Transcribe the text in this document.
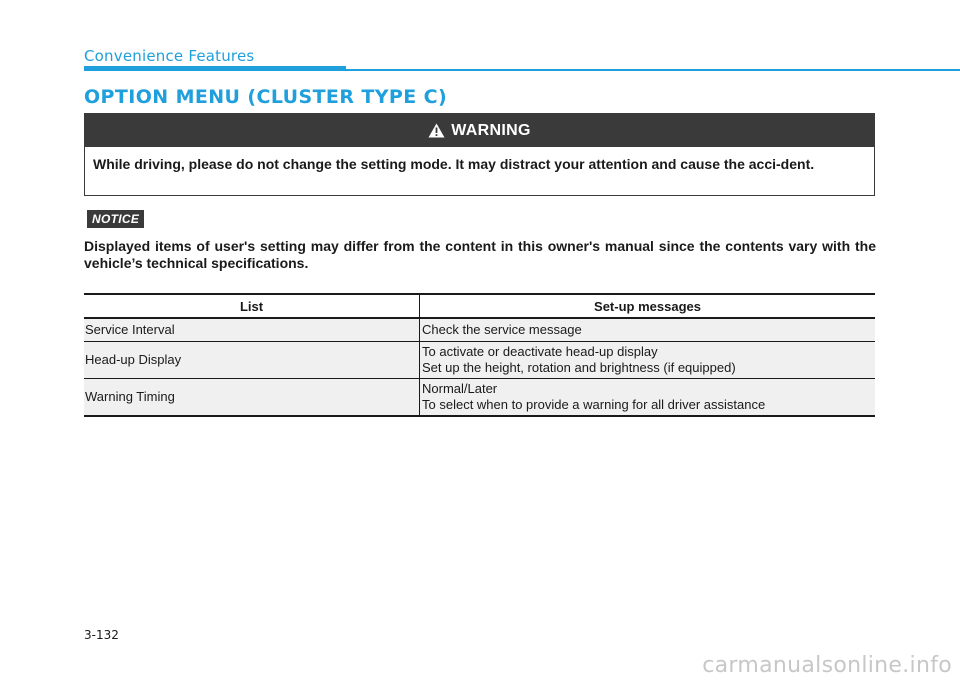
Convenience Features
OPTION MENU (CLUSTER TYPE C)
WARNING
While driving, please do not change the setting mode. It may distract your attention and cause the acci-dent.
NOTICE
Displayed items of user's setting may differ from the content in this owner's manual since the contents vary with the vehicle’s technical specifications.
List	Set-up messages
Service Interval	Check the service message

Head-up Display	To activate or deactivate head-up display
Set up the height, rotation and brightness (if equipped)

Warning Timing	Normal/Later
To select when to provide a warning for all driver assistance
3-132
carmanualsonline.info
